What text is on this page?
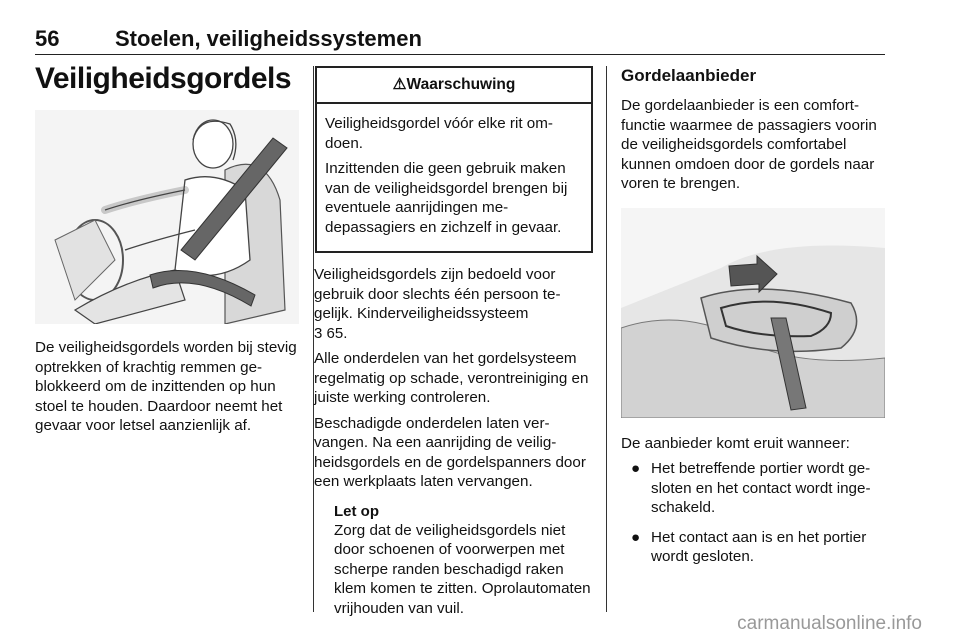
56	Stoelen, veiligheidssystemen
Veiligheidsgordels

De veiligheidsgordels worden bij stevig optrekken of krachtig remmen geblokkeerd om de inzittenden op hun stoel te houden. Daardoor neemt het gevaar voor letsel aanzienlijk af.

⚠Waarschuwing

Veiligheidsgordel vóór elke rit omdoen.

Inzittenden die geen gebruik maken van de veiligheidsgordel brengen bij eventuele aanrijdingen medepassagiers en zichzelf in gevaar.

Veiligheidsgordels zijn bedoeld voor gebruik door slechts één persoon tegelijk. Kinderveiligheidssysteem

3 65.

Alle onderdelen van het gordelsysteem regelmatig op schade, verontreiniging en juiste werking controleren.

Beschadigde onderdelen laten vervangen. Na een aanrijding de veiligheidsgordels en de gordelspanners door een werkplaats laten vervangen.

Let op

Zorg dat de veiligheidsgordels niet door schoenen of voorwerpen met scherpe randen beschadigd raken klem komen te zitten. Oprolautomaten vrijhouden van vuil.

Gordelaanbieder

De gordelaanbieder is een comfortfunctie waarmee de passagiers voorin de veiligheidsgordels comfortabel kunnen omdoen door de gordels naar voren te brengen.

De aanbieder komt eruit wanneer:

● Het betreffende portier wordt gesloten en het contact wordt ingeschakeld.
● Het contact aan is en het portier wordt gesloten.
carmanualsonline.info
